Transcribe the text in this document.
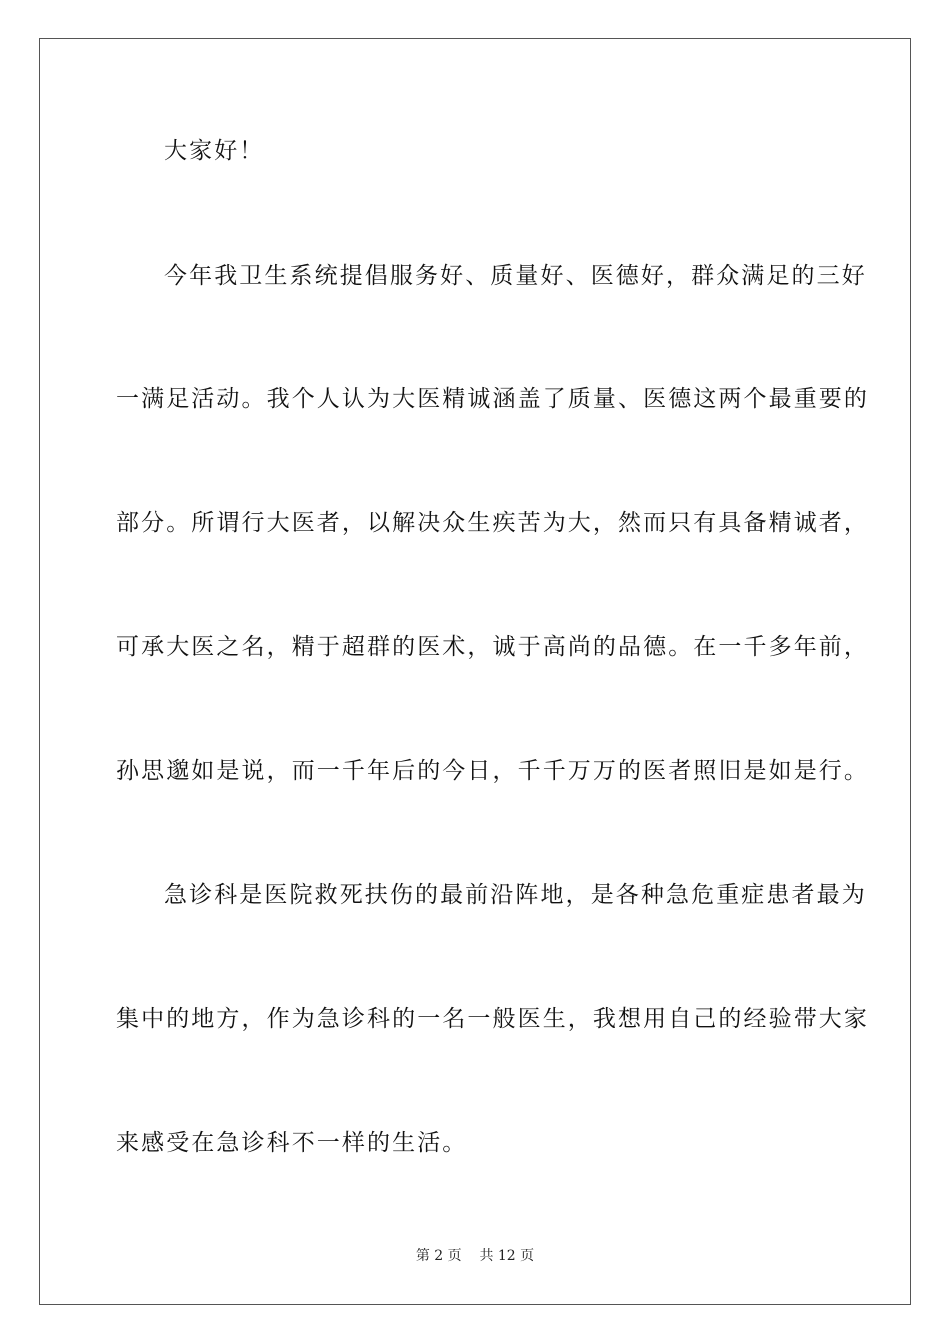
大家好！
今年我卫生系统提倡服务好、质量好、医德好，群众满足的三好
一满足活动。我个人认为大医精诚涵盖了质量、医德这两个最重要的
部分。所谓行大医者，以解决众生疾苦为大，然而只有具备精诚者，
可承大医之名，精于超群的医术，诚于高尚的品德。在一千多年前，
孙思邈如是说，而一千年后的今日，千千万万的医者照旧是如是行。
急诊科是医院救死扶伤的最前沿阵地，是各种急危重症患者最为
集中的地方，作为急诊科的一名一般医生，我想用自己的经验带大家
来感受在急诊科不一样的生活。
第 2 页 共 12 页
